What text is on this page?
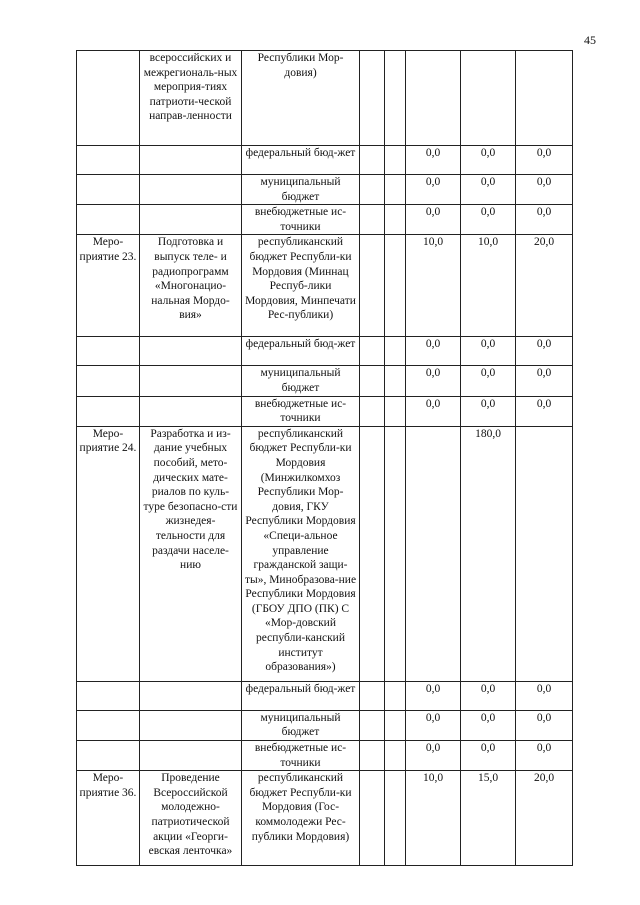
45
	всероссийских и межрегиональ-ных мероприя-тиях патриоти-ческой направ-ленности	Республики Мор-довия)					
		федеральный бюд-жет			0,0	0,0	0,0
		муниципальный бюджет			0,0	0,0	0,0
		внебюджетные ис-точники			0,0	0,0	0,0
Меро-приятие 23.	Подготовка и выпуск теле- и радиопрограмм «Многонацио-нальная Мордо-вия»	республиканский бюджет Республи-ки Мордовия (Миннац Респуб-лики Мордовия, Минпечати Рес-публики)			10,0	10,0	20,0
		федеральный бюд-жет			0,0	0,0	0,0
		муниципальный бюджет			0,0	0,0	0,0
		внебюджетные ис-точники			0,0	0,0	0,0
Меро-приятие 24.	Разработка и из-дание учебных пособий, мето-дических мате-риалов по куль-туре безопасно-сти жизнедея-тельности для раздачи населе-нию	республиканский бюджет Республи-ки Мордовия (Минжилкомхоз Республики Мор-довия, ГКУ Республики Мордовия «Специ-альное управление гражданской защи-ты», Минобразова-ние Республики Мордовия (ГБОУ ДПО (ПК) С «Мор-довский республи-канский институт образования»)				180,0	
		федеральный бюд-жет			0,0	0,0	0,0
		муниципальный бюджет			0,0	0,0	0,0
		внебюджетные ис-точники			0,0	0,0	0,0
Меро-приятие 36.	Проведение Всероссийской молодежно-патриотической акции «Георги-евская ленточка»	республиканский бюджет Республи-ки Мордовия (Гос-коммолодежи Рес-публики Мордовия)			10,0	15,0	20,0
